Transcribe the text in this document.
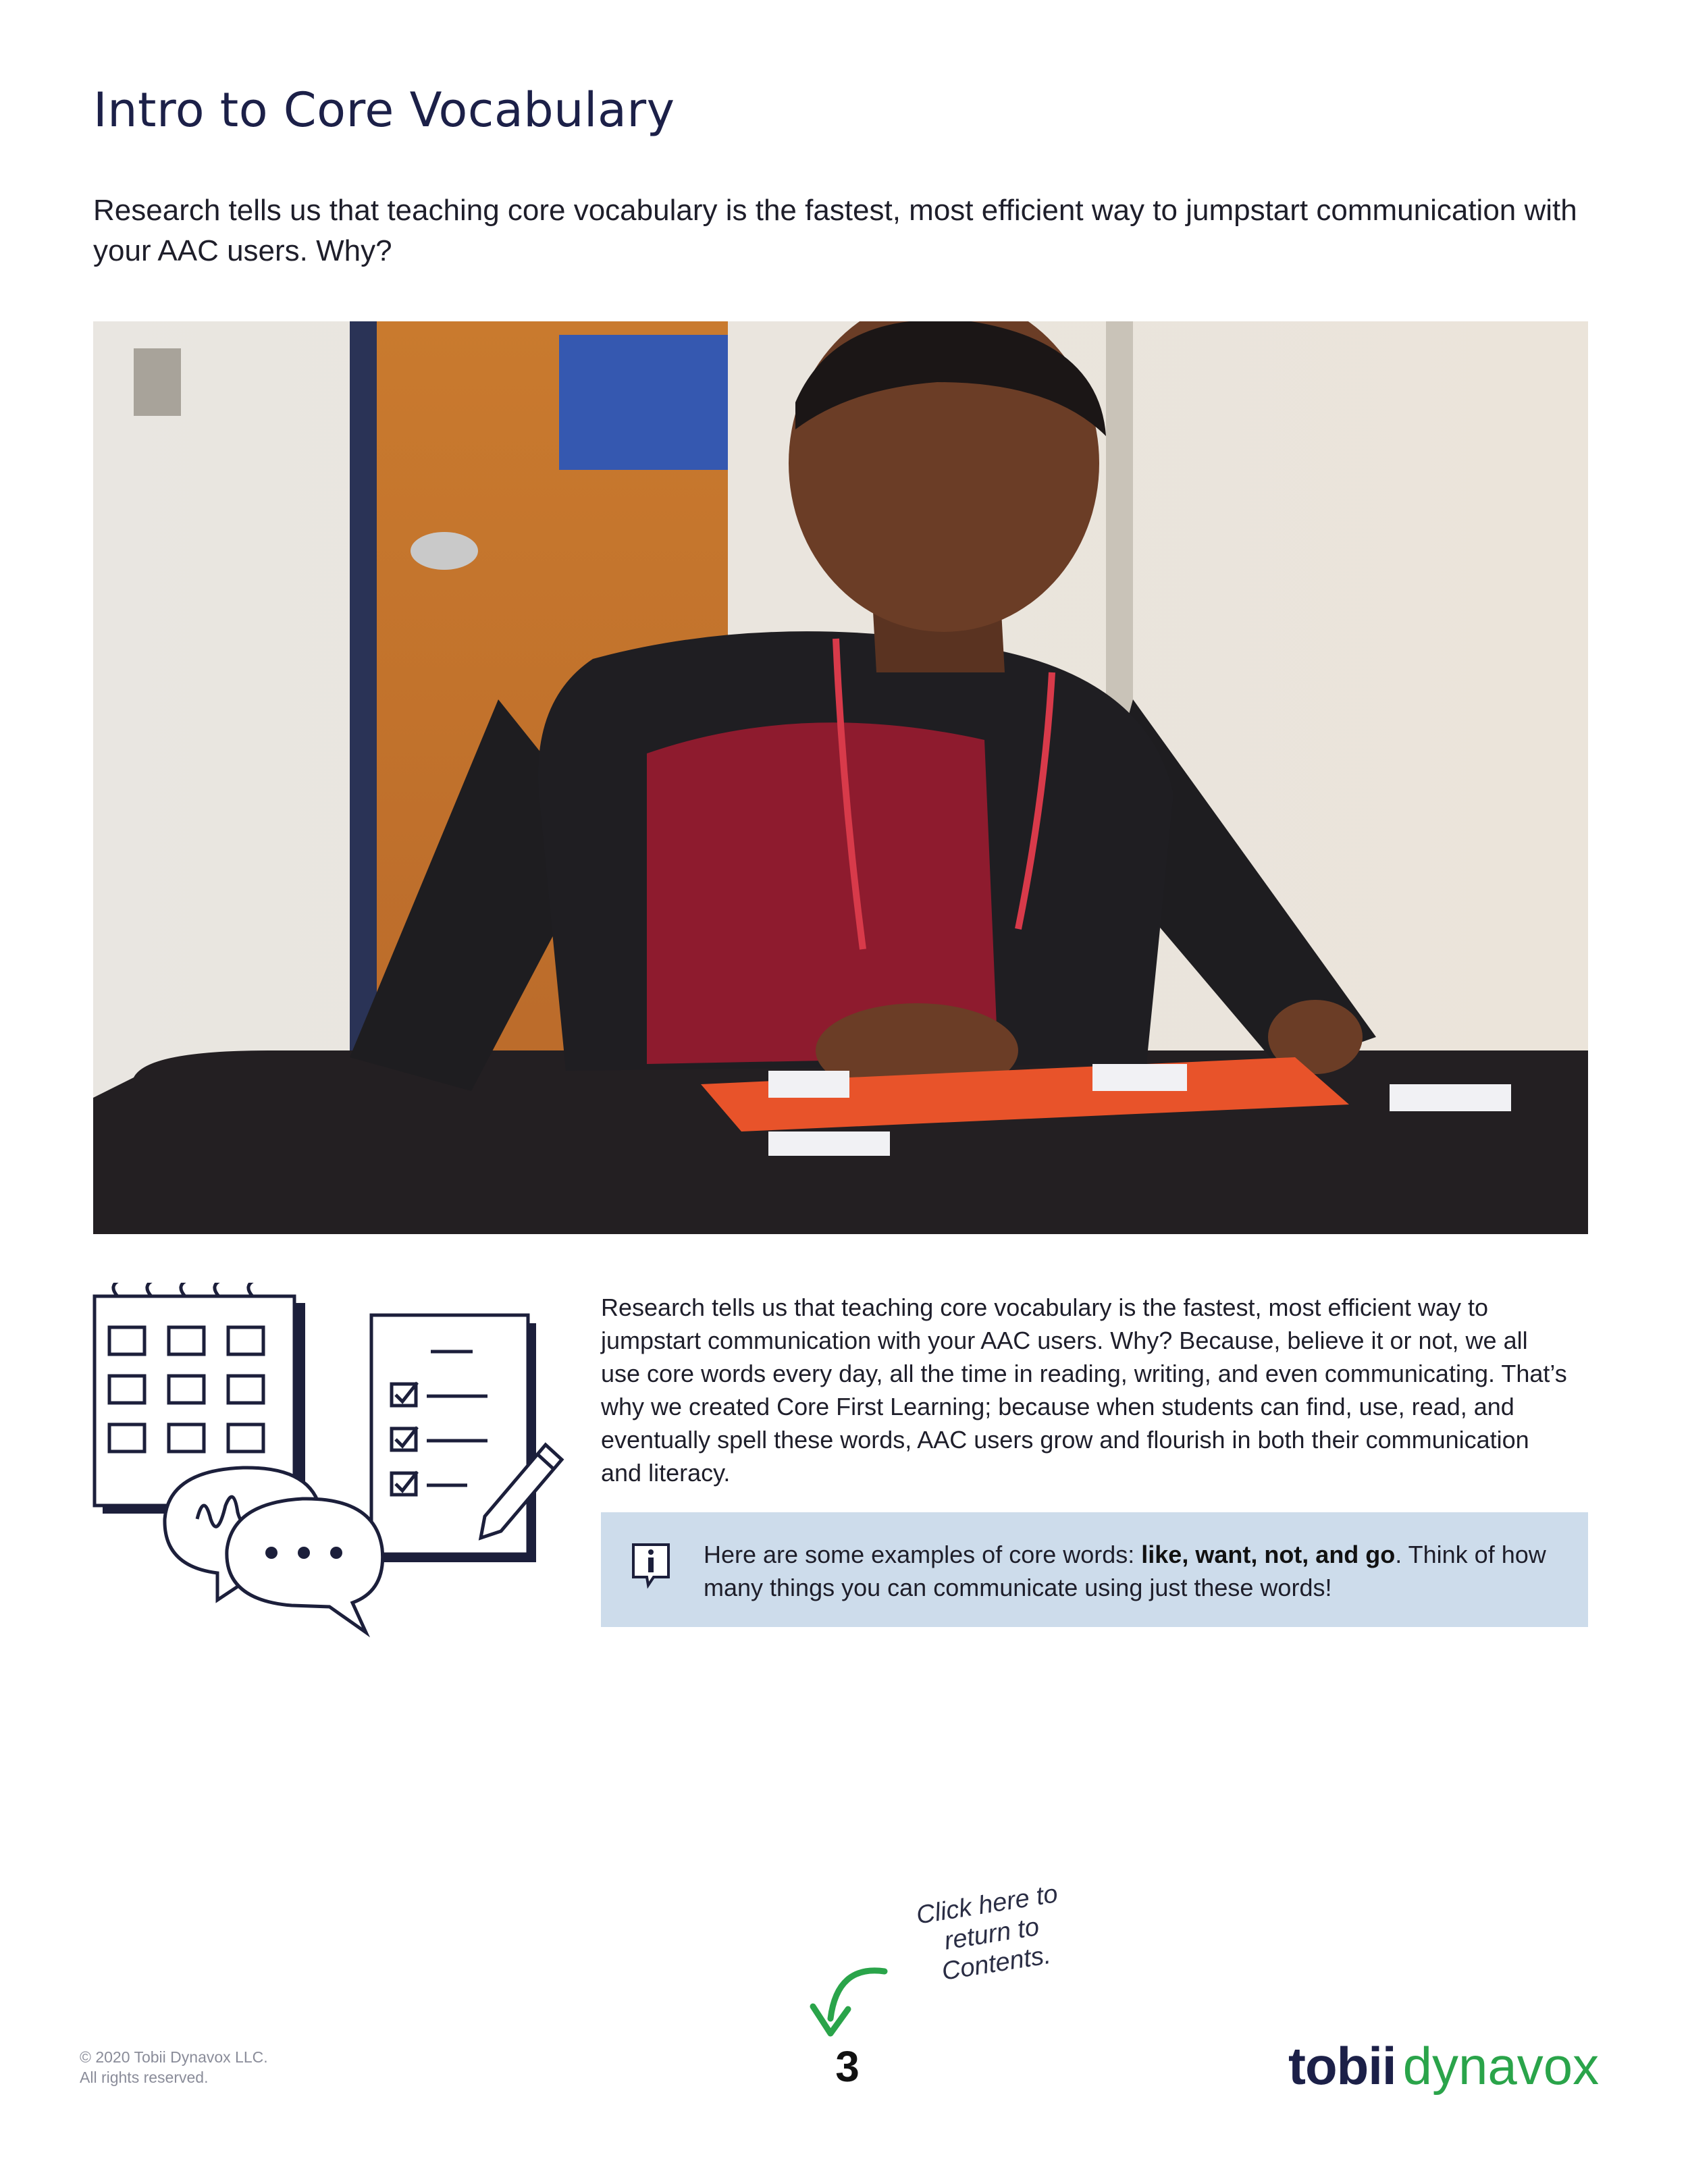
Intro to Core Vocabulary

Research tells us that teaching core vocabulary is the fastest, most efficient way to jumpstart communication with your AAC users. Why?

Research tells us that teaching core vocabulary is the fastest, most efficient way to jumpstart communication with your AAC users. Why? Because, believe it or not, we all use core words every day, all the time in reading, writing, and even communicating. That’s why we created Core First Learning; because when students can find, use, read, and eventually spell these words, AAC users grow and flourish in both their communication and literacy.

Here are some examples of core words: like, want, not, and go. Think of how many things you can communicate using just these words!

Click here to return to Contents.
3
© 2020 Tobii Dynavox LLC.
All rights reserved.	tobii dynavox
